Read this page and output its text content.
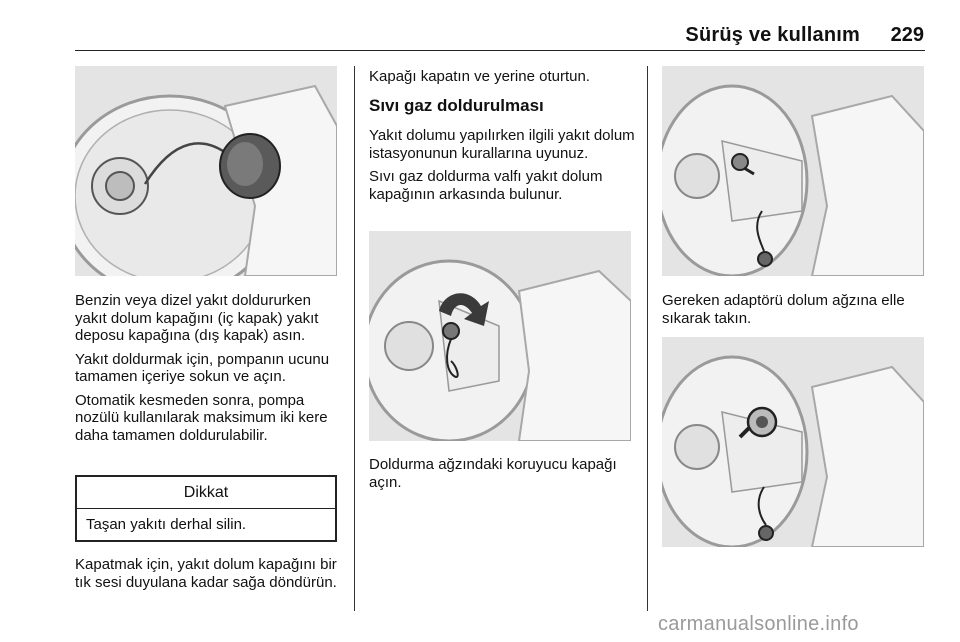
Sürüş ve kullanım 229

Benzin veya dizel yakıt doldururken yakıt dolum kapağını (iç kapak) yakıt deposu kapağına (dış kapak) asın.

Yakıt doldurmak için, pompanın ucunu tamamen içeriye sokun ve açın.

Otomatik kesmeden sonra, pompa nozülü kullanılarak maksimum iki kere daha tamamen doldurulabilir.

Dikkat
Taşan yakıtı derhal silin.

Kapatmak için, yakıt dolum kapağını bir tık sesi duyulana kadar sağa döndürün.

Kapağı kapatın ve yerine oturtun.

Sıvı gaz doldurulması

Yakıt dolumu yapılırken ilgili yakıt dolum istasyonunun kurallarına uyunuz.

Sıvı gaz doldurma valfı yakıt dolum kapağının arkasında bulunur.

Doldurma ağzındaki koruyucu kapağı açın.

Gereken adaptörü dolum ağzına elle sıkarak takın.

carmanualsonline.info
